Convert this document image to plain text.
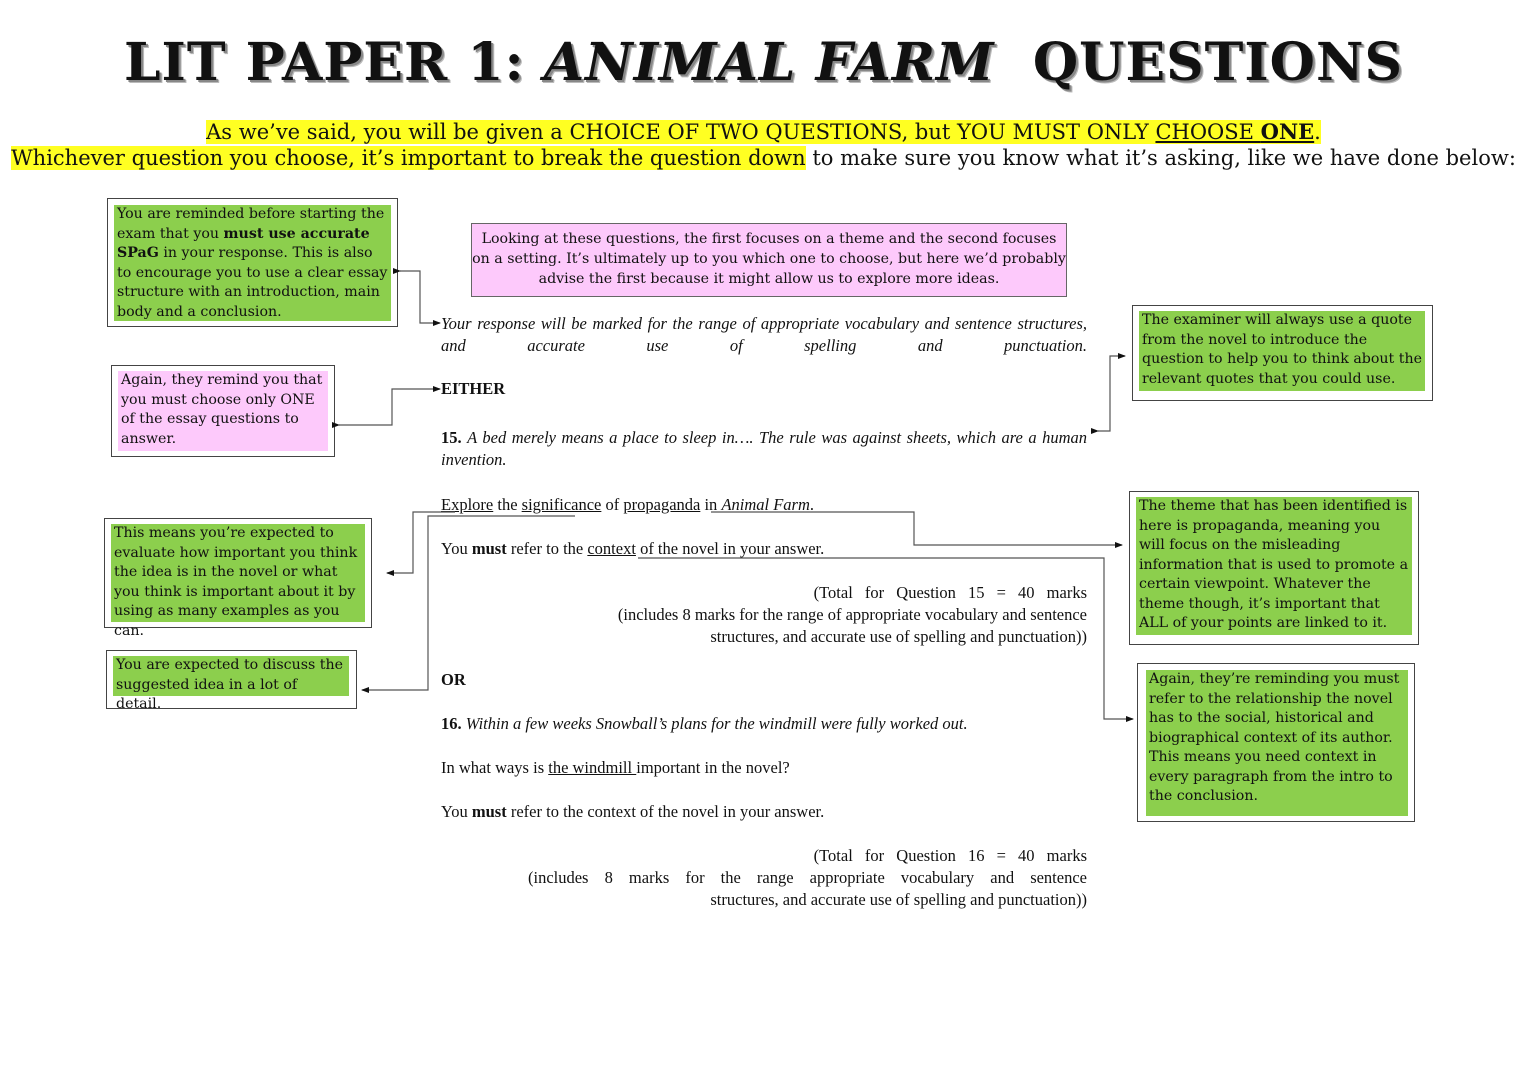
LIT PAPER 1: ANIMAL FARM QUESTIONS
As we’ve said, you will be given a CHOICE OF TWO QUESTIONS, but YOU MUST ONLY CHOOSE ONE.
Whichever question you choose, it’s important to break the question down to make sure you know what it’s asking, like we have done below:
You are reminded before starting the exam that you must use accurate SPaG in your response. This is also to encourage you to use a clear essay structure with an introduction, main body and a conclusion.
Looking at these questions, the first focuses on a theme and the second focuses on a setting. It’s ultimately up to you which one to choose, but here we’d probably advise the first because it might allow us to explore more ideas.
Again, they remind you that you must choose only ONE of the essay questions to answer.
The examiner will always use a quote from the novel to introduce the question to help you to think about the relevant quotes that you could use.
This means you’re expected to evaluate how important you think the idea is in the novel or what you think is important about it by using as many examples as you can.
You are expected to discuss the suggested idea in a lot of detail.
The theme that has been identified is here is propaganda, meaning you will focus on the misleading information that is used to promote a certain viewpoint. Whatever the theme though, it’s important that ALL of your points are linked to it.
Again, they’re reminding you must refer to the relationship the novel has to the social, historical and biographical context of its author. This means you need context in every paragraph from the intro to the conclusion.
Your response will be marked for the range of appropriate vocabulary and sentence structures, and accurate use of spelling and punctuation.
EITHER
15. A bed merely means a place to sleep in…. The rule was against sheets, which are a human invention.
Explore the significance of propaganda in Animal Farm.
You must refer to the context of the novel in your answer.
(Total for Question 15 = 40 marks
(includes 8 marks for the range of appropriate vocabulary and sentence
structures, and accurate use of spelling and punctuation))
OR
16. Within a few weeks Snowball’s plans for the windmill were fully worked out.
In what ways is the windmill important in the novel?
You must refer to the context of the novel in your answer.
(Total for Question 16 = 40 marks
(includes 8 marks for the range appropriate vocabulary and sentence
structures, and accurate use of spelling and punctuation))
